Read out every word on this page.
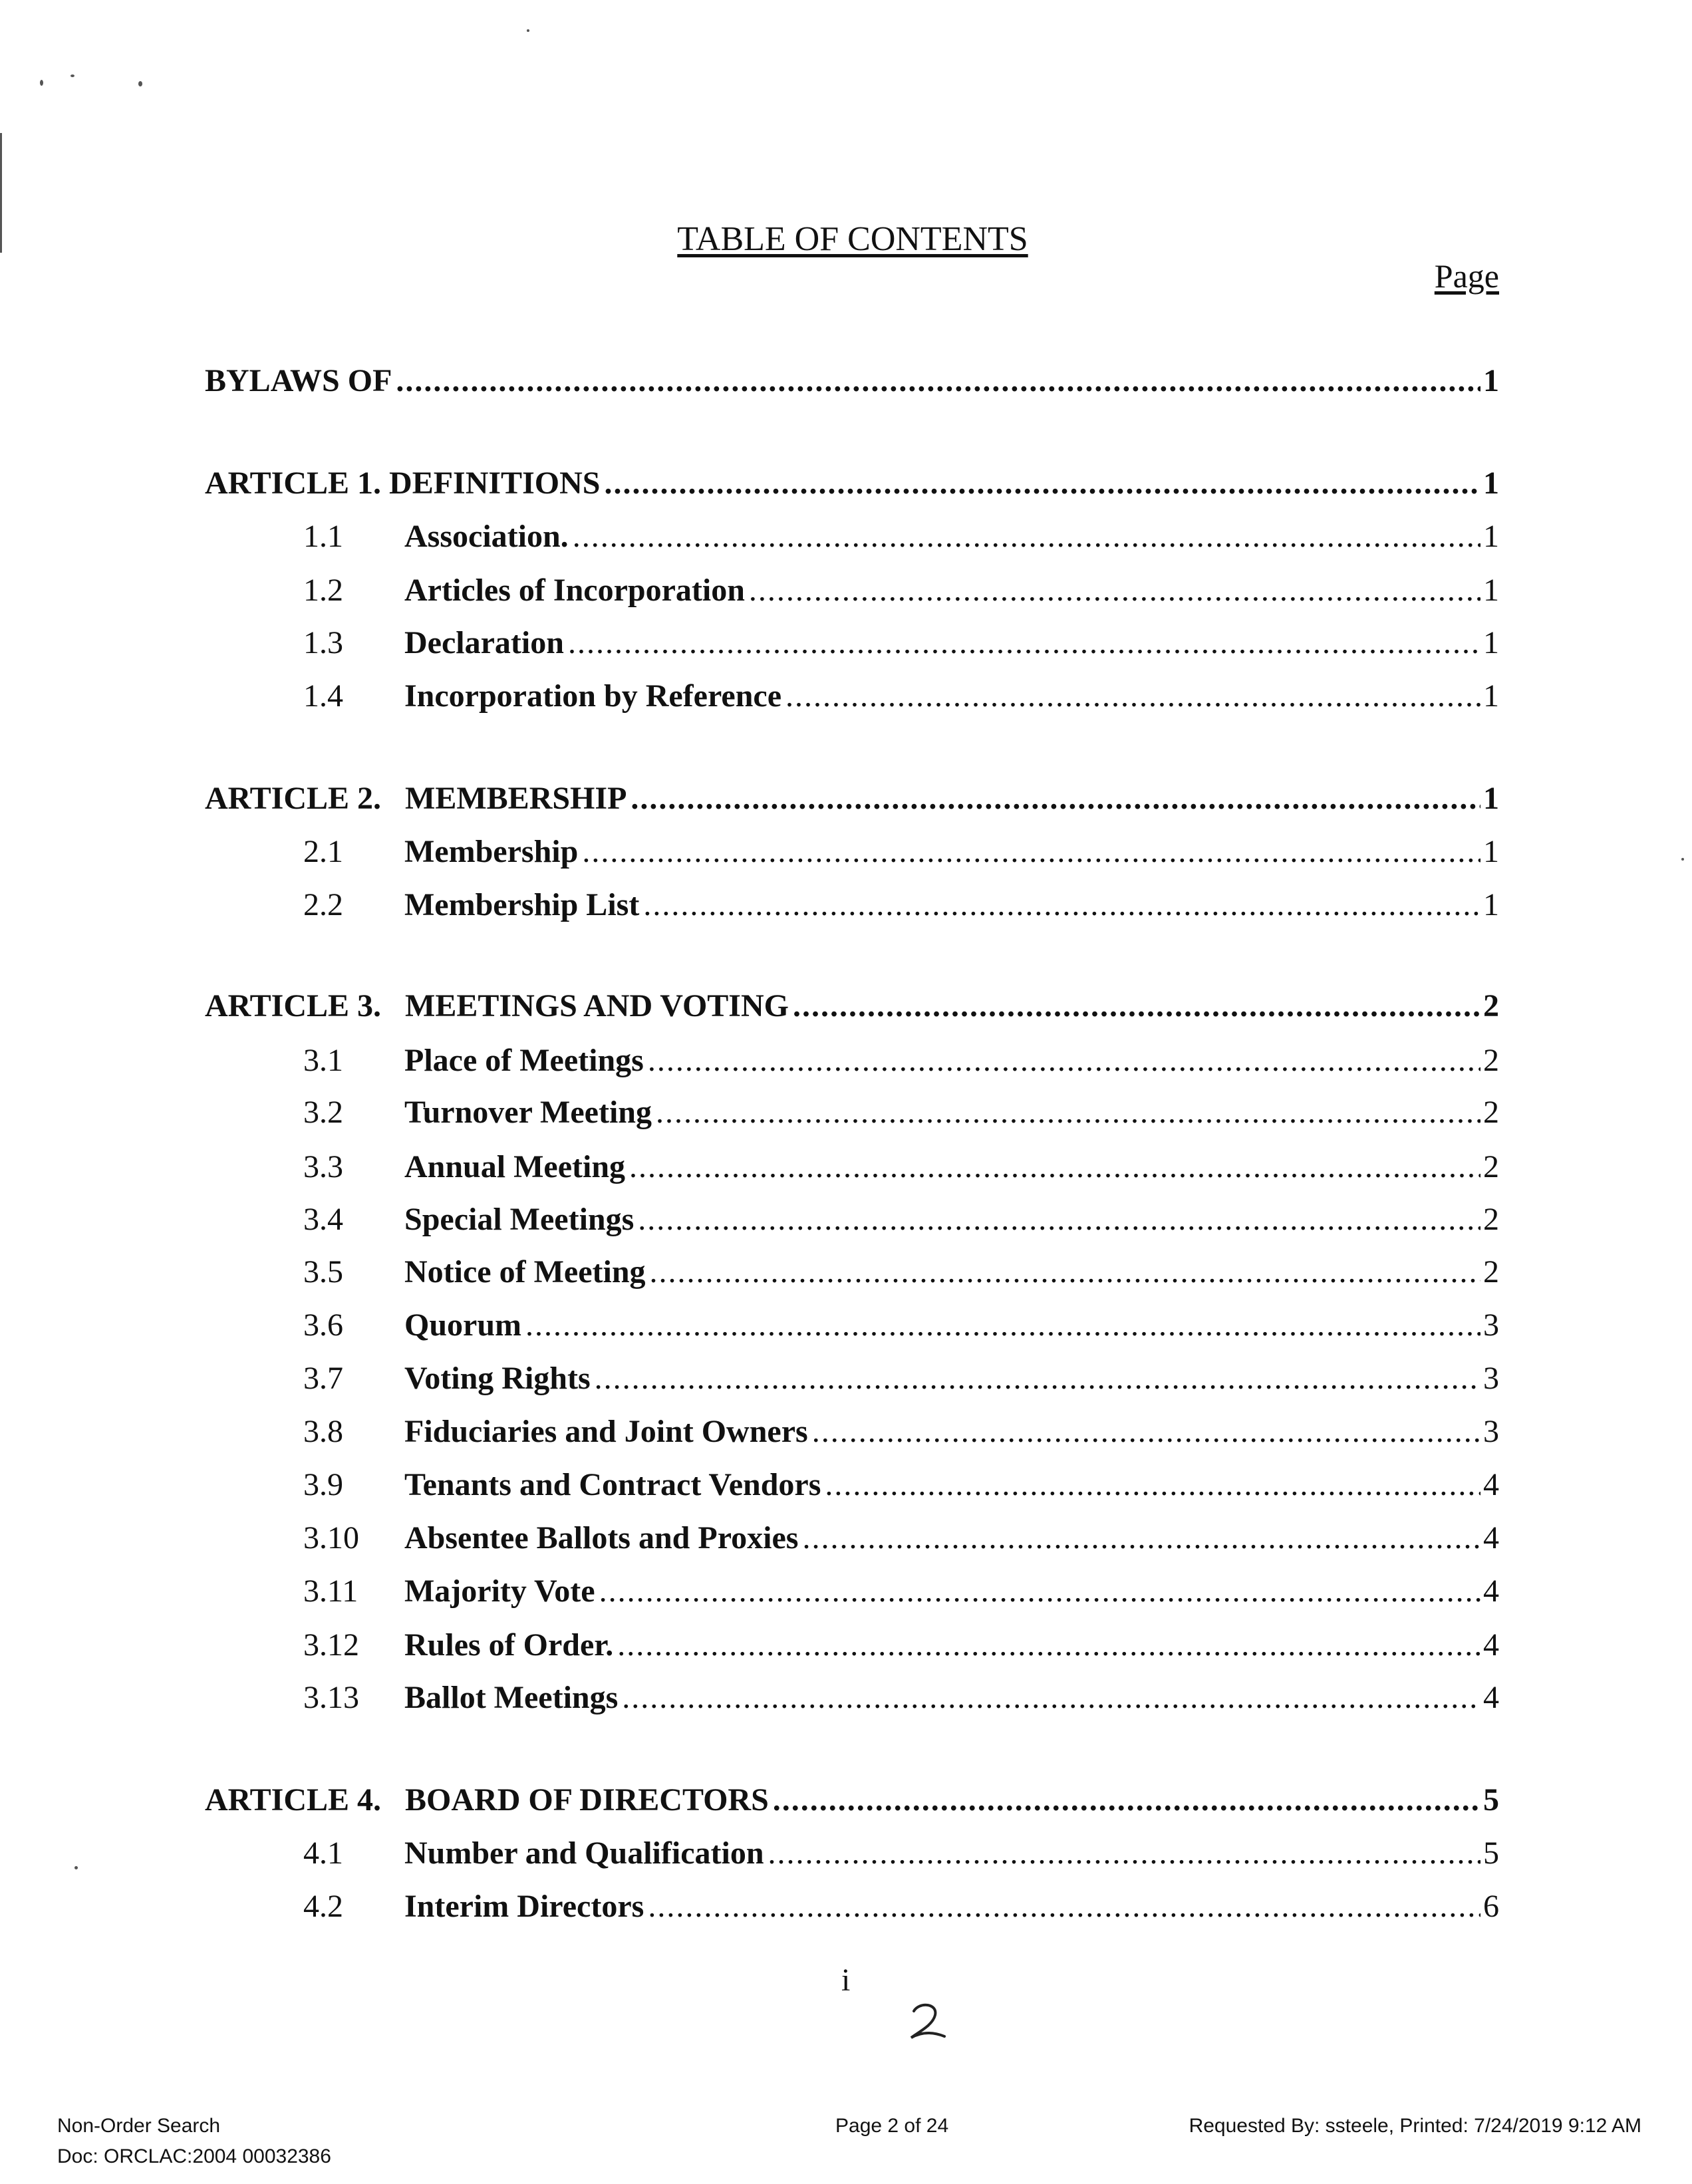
TABLE OF CONTENTS
Page
BYLAWS OF .....	1
ARTICLE 1. DEFINITIONS .....	1
1.1	Association. .....	1
1.2	Articles of Incorporation .....	1
1.3	Declaration .....	1
1.4	Incorporation by Reference .....	1
ARTICLE 2.   MEMBERSHIP .....	1
2.1	Membership .....	1
2.2	Membership List .....	1
ARTICLE 3.   MEETINGS AND VOTING .....	2
3.1	Place of Meetings .....	2
3.2	Turnover Meeting .....	2
3.3	Annual Meeting .....	2
3.4	Special Meetings .....	2
3.5	Notice of Meeting .....	2
3.6	Quorum .....	3
3.7	Voting Rights .....	3
3.8	Fiduciaries and Joint Owners .....	3
3.9	Tenants and Contract Vendors .....	4
3.10	Absentee Ballots and Proxies .....	4
3.11	Majority Vote .....	4
3.12	Rules of Order. .....	4
3.13	Ballot Meetings .....	4
ARTICLE 4.   BOARD OF DIRECTORS .....	5
4.1	Number and Qualification .....	5
4.2	Interim Directors .....	6
i
Non-Order Search
Doc: ORCLAC:2004 00032386
Page 2 of 24	Requested By: ssteele, Printed: 7/24/2019 9:12 AM
